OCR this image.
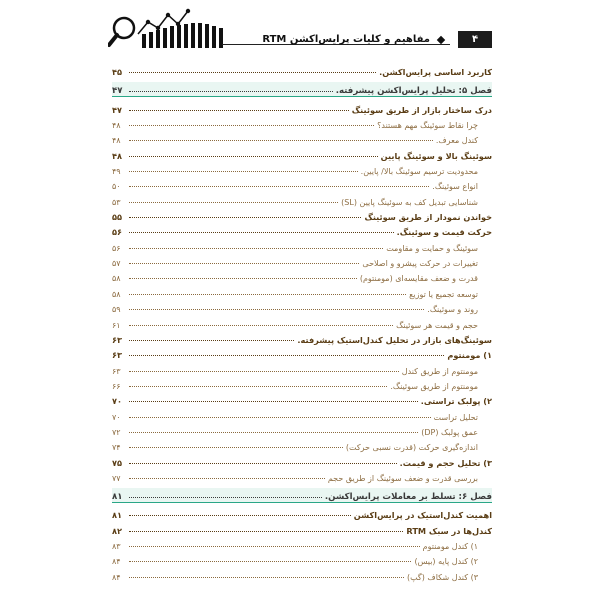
مفاهیم و کلیات پرایس‌اکشن RTM	۴
کاربرد اساسی پرایس‌اکشن.
۴۵
فصل ۵: تحلیل پرایس‌اکشن پیشرفته.
۴۷
درک ساختار بازار از طریق سوئینگ
۴۷
چرا نقاط سوئینگ مهم هستند؟
۴۸
کندل معرف.
۴۸
سوئینگ بالا و سوئینگ پایین
۴۸
محدودیت ترسیم سوئینگ بالا/ پایین.
۴۹
انواع سوئینگ.
۵۰
شناسایی تبدیل کف به سوئینگ پایین (SL)
۵۳
خواندن نمودار از طریق سوئینگ
۵۵
حرکت قیمت و سوئینگ.
۵۶
سوئینگ و حمایت و مقاومت
۵۶
تغییرات در حرکت پیشرو و اصلاحی
۵۷
قدرت و ضعف مقایسه‌ای (مومنتوم)
۵۸
توسعه تجمیع یا توزیع
۵۸
روند و سوئینگ.
۵۹
حجم و قیمت هر سوئینگ
۶۱
سوئینگ‌های بازار در تحلیل کندل‌استیک پیشرفته.
۶۳
۱) مومنتوم
۶۳
مومنتوم از طریق کندل
۶۳
مومنتوم از طریق سوئینگ.
۶۶
۲) پولبک تراستی.
۷۰
تحلیل تراست
۷۰
عمق پولبک (DP)
۷۲
اندازه‌گیری حرکت (قدرت نسبی حرکت)
۷۴
۳) تحلیل حجم و قیمت.
۷۵
بررسی قدرت و ضعف سوئینگ از طریق حجم
۷۷
فصل ۶: تسلط بر معاملات پرایس‌اکشن.
۸۱
اهمیت کندل‌استیک در پرایس‌اکشن
۸۱
کندل‌ها در سبک RTM
۸۲
۱) کندل مومنتوم
۸۳
۲) کندل پایه (بیس)
۸۴
۳) کندل شکاف (گپ)
۸۴
